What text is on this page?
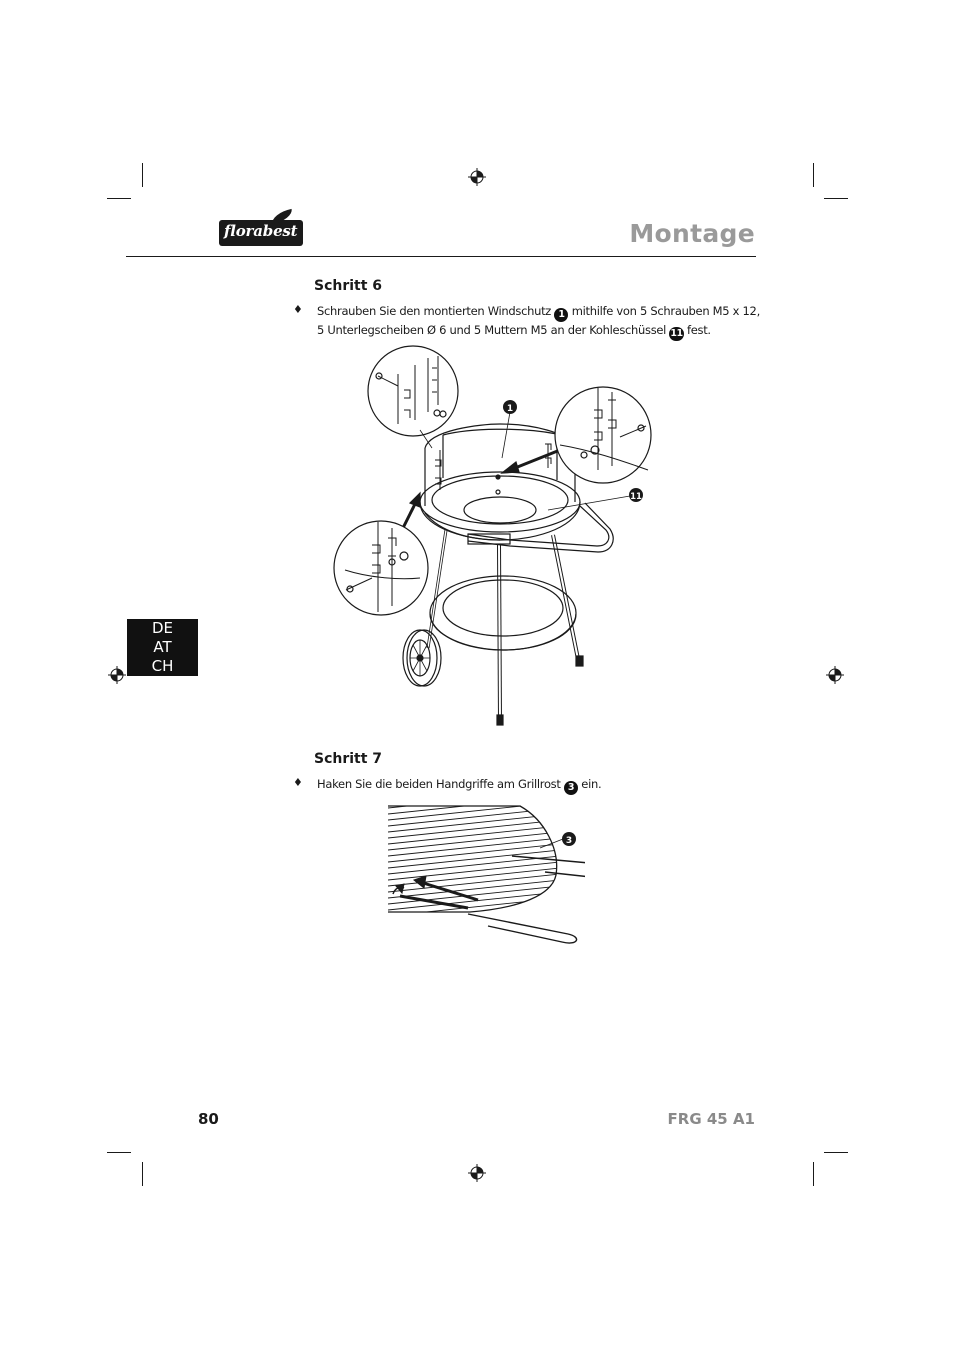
florabest	Montage
DE
AT
CH
Schritt 6
♦ Schrauben Sie den montierten Windschutz 1 mithilfe von 5 Schrauben M5 x 12,
5 Unterlegscheiben Ø 6 und 5 Muttern M5 an der Kohleschüssel 11 fest.
1
11
Schritt 7
♦ Haken Sie die beiden Handgriffe am Grillrost 3 ein.
3
80	FRG 45 A1
